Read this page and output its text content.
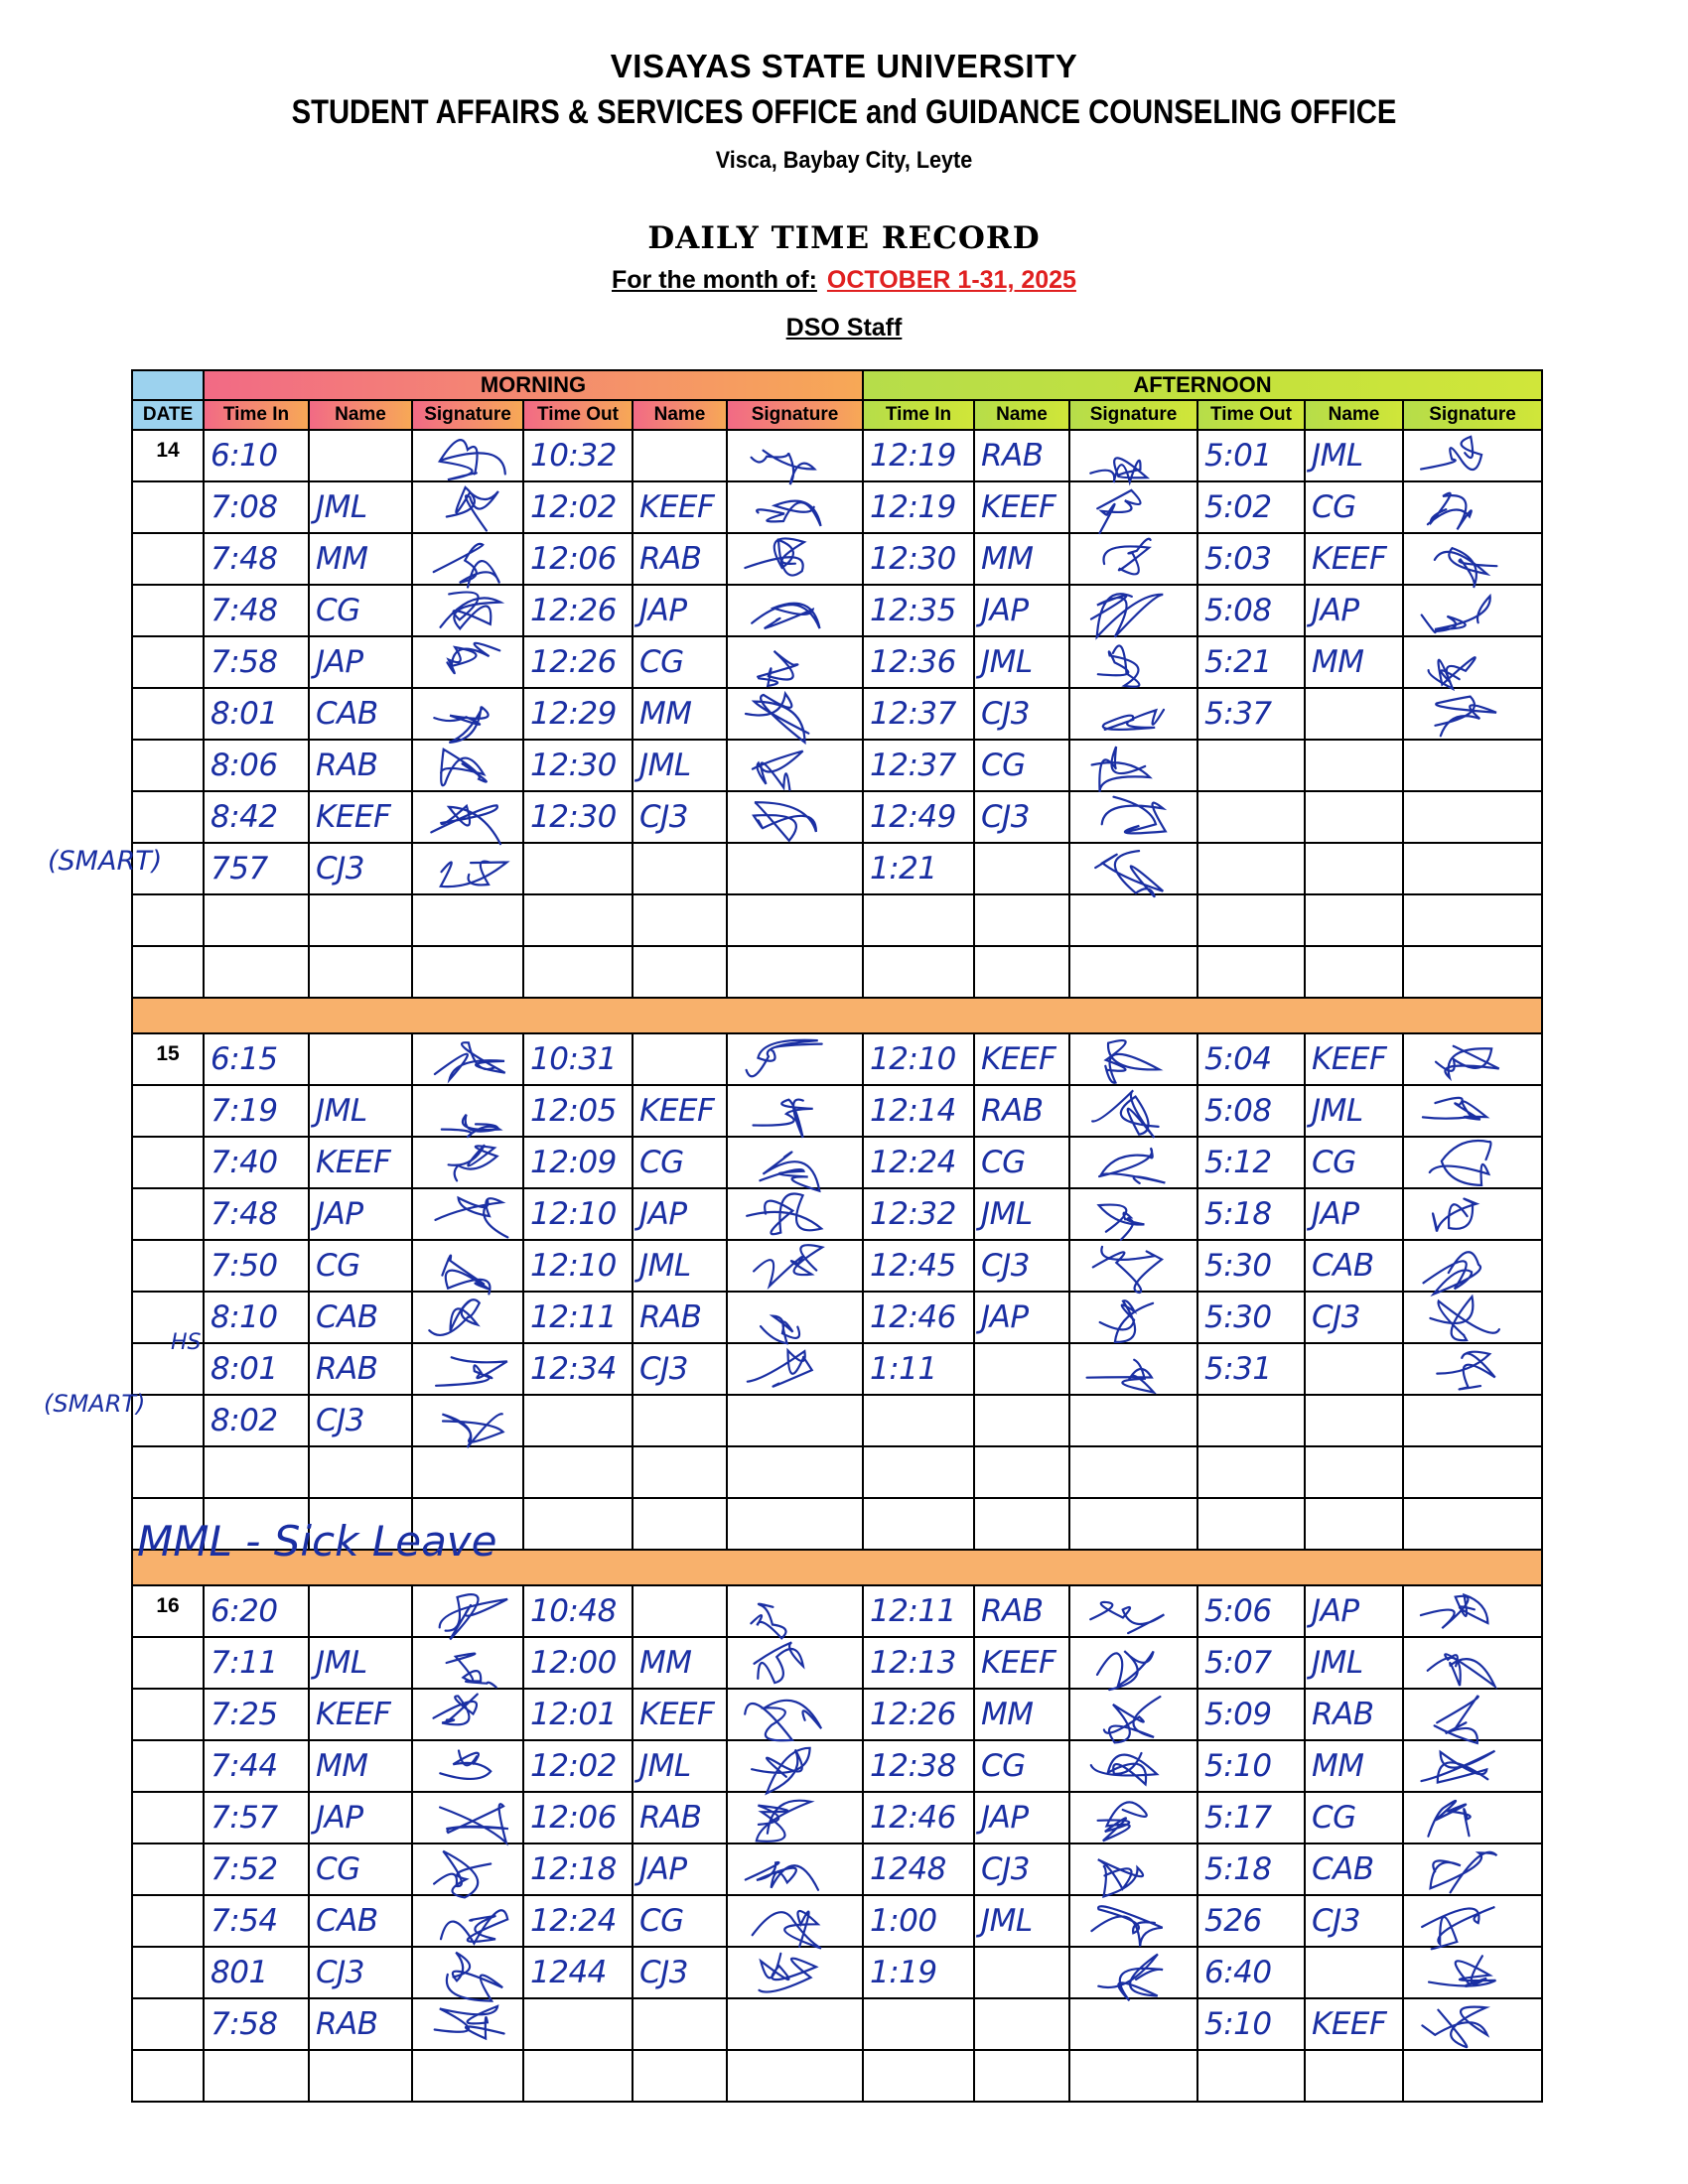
VISAYAS STATE UNIVERSITY
STUDENT AFFAIRS & SERVICES OFFICE and GUIDANCE COUNSELING OFFICE
Visca, Baybay City, Leyte
DAILY TIME RECORD
For the month of: OCTOBER 1-31, 2025
DSO Staff
	MORNING						AFTERNOON					
DATE	Time In	Name	Signature	Time Out	Name	Signature	Time In	Name	Signature	Time Out	Name	Signature
14	6:10			10:32			12:19	RAB		5:01	JML	

	7:08	JML		12:02	KEEF		12:19	KEEF		5:02	CG	

	7:48	MM		12:06	RAB		12:30	MM		5:03	KEEF	

	7:48	CG		12:26	JAP		12:35	JAP		5:08	JAP	

	7:58	JAP		12:26	CG		12:36	JML		5:21	MM	

	8:01	CAB		12:29	MM		12:37	CJ3		5:37		

	8:06	RAB		12:30	JML		12:37	CG	

	8:42	KEEF		12:30	CJ3		12:49	CJ3	

	757	CJ3					1:21		

15	6:15			10:31			12:10	KEEF		5:04	KEEF	

	7:19	JML		12:05	KEEF		12:14	RAB		5:08	JML	

	7:40	KEEF		12:09	CG		12:24	CG		5:12	CG	

	7:48	JAP		12:10	JAP		12:32	JML		5:18	JAP	

	7:50	CG		12:10	JML		12:45	CJ3		5:30	CAB	

	8:10	CAB		12:11	RAB		12:46	JAP		5:30	CJ3	

	8:01	RAB		12:34	CJ3		1:11			5:31		

	8:02	CJ3	

16	6:20			10:48			12:11	RAB		5:06	JAP	

	7:11	JML		12:00	MM		12:13	KEEF		5:07	JML	

	7:25	KEEF		12:01	KEEF		12:26	MM		5:09	RAB	

	7:44	MM		12:02	JML		12:38	CG		5:10	MM	

	7:57	JAP		12:06	RAB		12:46	JAP		5:17	CG	

	7:52	CG		12:18	JAP		1248	CJ3		5:18	CAB	

	7:54	CAB		12:24	CG		1:00	JML		526	CJ3	

	801	CJ3		1244	CJ3		1:19			6:40		

	7:58	RAB								5:10	KEEF	

(SMART)
HS
(SMART)
MML - Sick Leave
